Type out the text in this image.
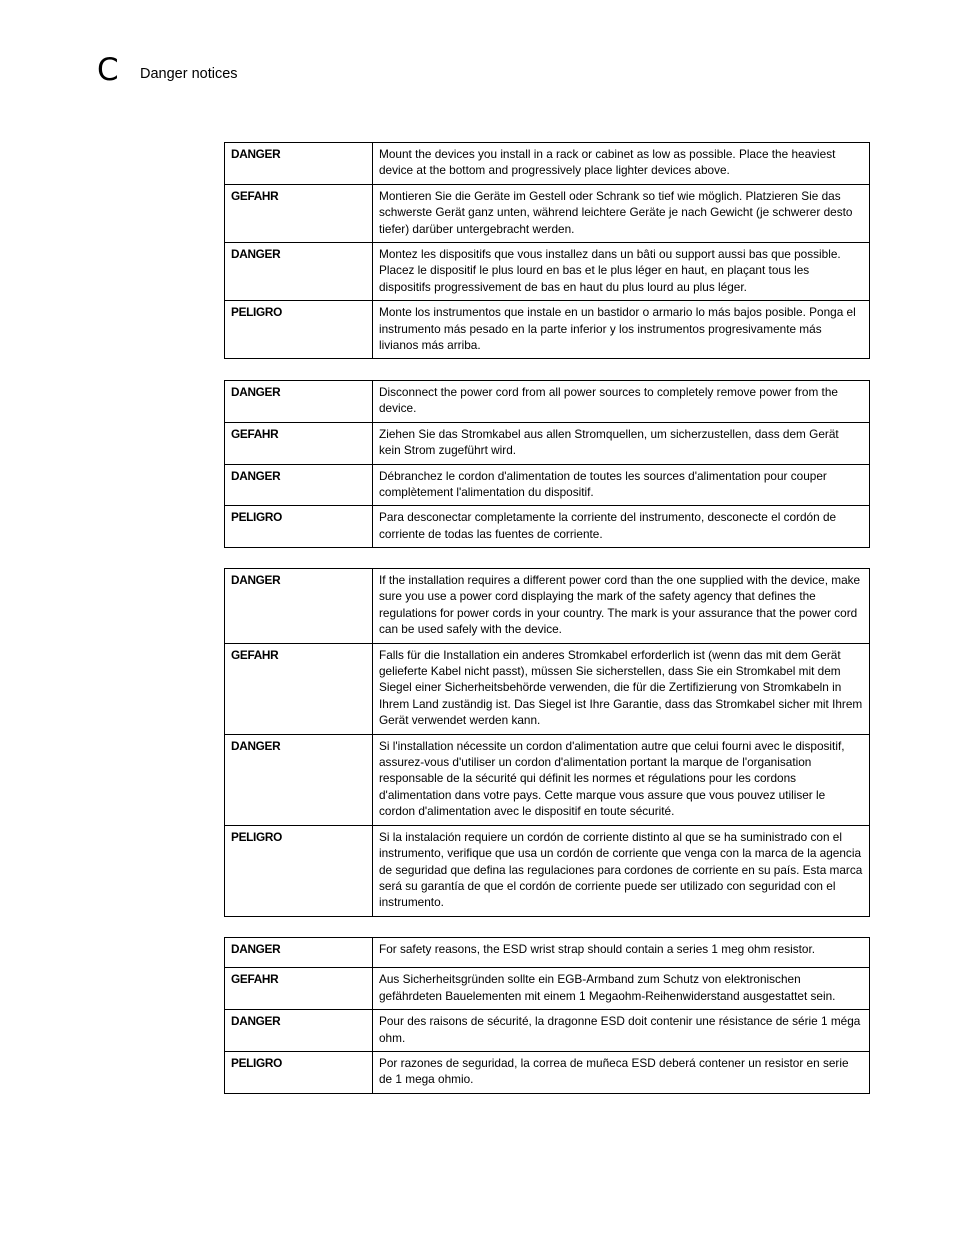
C Danger notices
DANGER	Mount the devices you install in a rack or cabinet as low as possible. Place the heaviest device at the bottom and progressively place lighter devices above.
GEFAHR	Montieren Sie die Geräte im Gestell oder Schrank so tief wie möglich. Platzieren Sie das schwerste Gerät ganz unten, während leichtere Geräte je nach Gewicht (je schwerer desto tiefer) darüber untergebracht werden.
DANGER	Montez les dispositifs que vous installez dans un bâti ou support aussi bas que possible. Placez le dispositif le plus lourd en bas et le plus léger en haut, en plaçant tous les dispositifs progressivement de bas en haut du plus lourd au plus léger.
PELIGRO	Monte los instrumentos que instale en un bastidor o armario lo más bajos posible. Ponga el instrumento más pesado en la parte inferior y los instrumentos progresivamente más livianos más arriba.
DANGER	Disconnect the power cord from all power sources to completely remove power from the device.
GEFAHR	Ziehen Sie das Stromkabel aus allen Stromquellen, um sicherzustellen, dass dem Gerät kein Strom zugeführt wird.
DANGER	Débranchez le cordon d'alimentation de toutes les sources d'alimentation pour couper complètement l'alimentation du dispositif.
PELIGRO	Para desconectar completamente la corriente del instrumento, desconecte el cordón de corriente de todas las fuentes de corriente.
DANGER	If the installation requires a different power cord than the one supplied with the device, make sure you use a power cord displaying the mark of the safety agency that defines the regulations for power cords in your country. The mark is your assurance that the power cord can be used safely with the device.
GEFAHR	Falls für die Installation ein anderes Stromkabel erforderlich ist (wenn das mit dem Gerät gelieferte Kabel nicht passt), müssen Sie sicherstellen, dass Sie ein Stromkabel mit dem Siegel einer Sicherheitsbehörde verwenden, die für die Zertifizierung von Stromkabeln in Ihrem Land zuständig ist. Das Siegel ist Ihre Garantie, dass das Stromkabel sicher mit Ihrem Gerät verwendet werden kann.
DANGER	Si l'installation nécessite un cordon d'alimentation autre que celui fourni avec le dispositif, assurez-vous d'utiliser un cordon d'alimentation portant la marque de l'organisation responsable de la sécurité qui définit les normes et régulations pour les cordons d'alimentation dans votre pays. Cette marque vous assure que vous pouvez utiliser le cordon d'alimentation avec le dispositif en toute sécurité.
PELIGRO	Si la instalación requiere un cordón de corriente distinto al que se ha suministrado con el instrumento, verifique que usa un cordón de corriente que venga con la marca de la agencia de seguridad que defina las regulaciones para cordones de corriente en su país. Esta marca será su garantía de que el cordón de corriente puede ser utilizado con seguridad con el instrumento.
DANGER	For safety reasons, the ESD wrist strap should contain a series 1 meg ohm resistor.
GEFAHR	Aus Sicherheitsgründen sollte ein EGB-Armband zum Schutz von elektronischen gefährdeten Bauelementen mit einem 1 Megaohm-Reihenwiderstand ausgestattet sein.
DANGER	Pour des raisons de sécurité, la dragonne ESD doit contenir une résistance de série 1 méga ohm.
PELIGRO	Por razones de seguridad, la correa de muñeca ESD deberá contener un resistor en serie de 1 mega ohmio.
